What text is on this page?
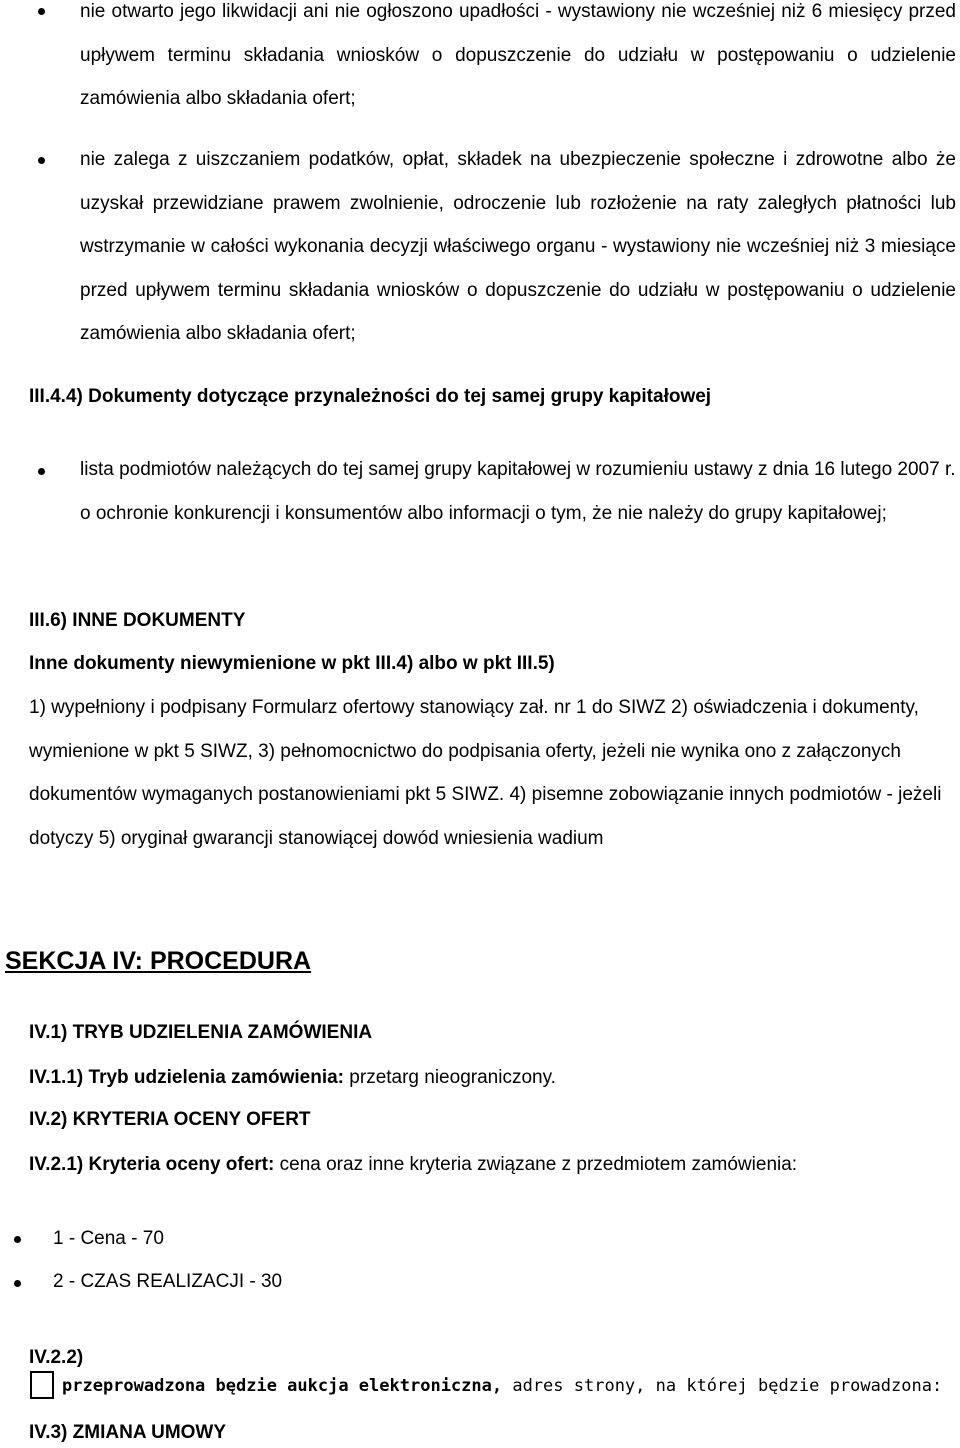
nie otwarto jego likwidacji ani nie ogłoszono upadłości - wystawiony nie wcześniej niż 6 miesięcy przed upływem terminu składania wniosków o dopuszczenie do udziału w postępowaniu o udzielenie zamówienia albo składania ofert;
nie zalega z uiszczaniem podatków, opłat, składek na ubezpieczenie społeczne i zdrowotne albo że uzyskał przewidziane prawem zwolnienie, odroczenie lub rozłożenie na raty zaległych płatności lub wstrzymanie w całości wykonania decyzji właściwego organu - wystawiony nie wcześniej niż 3 miesiące przed upływem terminu składania wniosków o dopuszczenie do udziału w postępowaniu o udzielenie zamówienia albo składania ofert;
III.4.4) Dokumenty dotyczące przynależności do tej samej grupy kapitałowej
lista podmiotów należących do tej samej grupy kapitałowej w rozumieniu ustawy z dnia 16 lutego 2007 r. o ochronie konkurencji i konsumentów albo informacji o tym, że nie należy do grupy kapitałowej;
III.6) INNE DOKUMENTY
Inne dokumenty niewymienione w pkt III.4) albo w pkt III.5)
1) wypełniony i podpisany Formularz ofertowy stanowiący zał. nr 1 do SIWZ 2) oświadczenia i dokumenty, wymienione w pkt 5 SIWZ, 3) pełnomocnictwo do podpisania oferty, jeżeli nie wynika ono z załączonych dokumentów wymaganych postanowieniami pkt 5 SIWZ. 4) pisemne zobowiązanie innych podmiotów - jeżeli dotyczy 5) oryginał gwarancji stanowiącej dowód wniesienia wadium
SEKCJA IV: PROCEDURA
IV.1) TRYB UDZIELENIA ZAMÓWIENIA
IV.1.1) Tryb udzielenia zamówienia: przetarg nieograniczony.
IV.2) KRYTERIA OCENY OFERT
IV.2.1) Kryteria oceny ofert: cena oraz inne kryteria związane z przedmiotem zamówienia:
1 - Cena - 70
2 - CZAS REALIZACJI - 30
IV.2.2)
przeprowadzona będzie aukcja elektroniczna, adres strony, na której będzie prowadzona:
IV.3) ZMIANA UMOWY
